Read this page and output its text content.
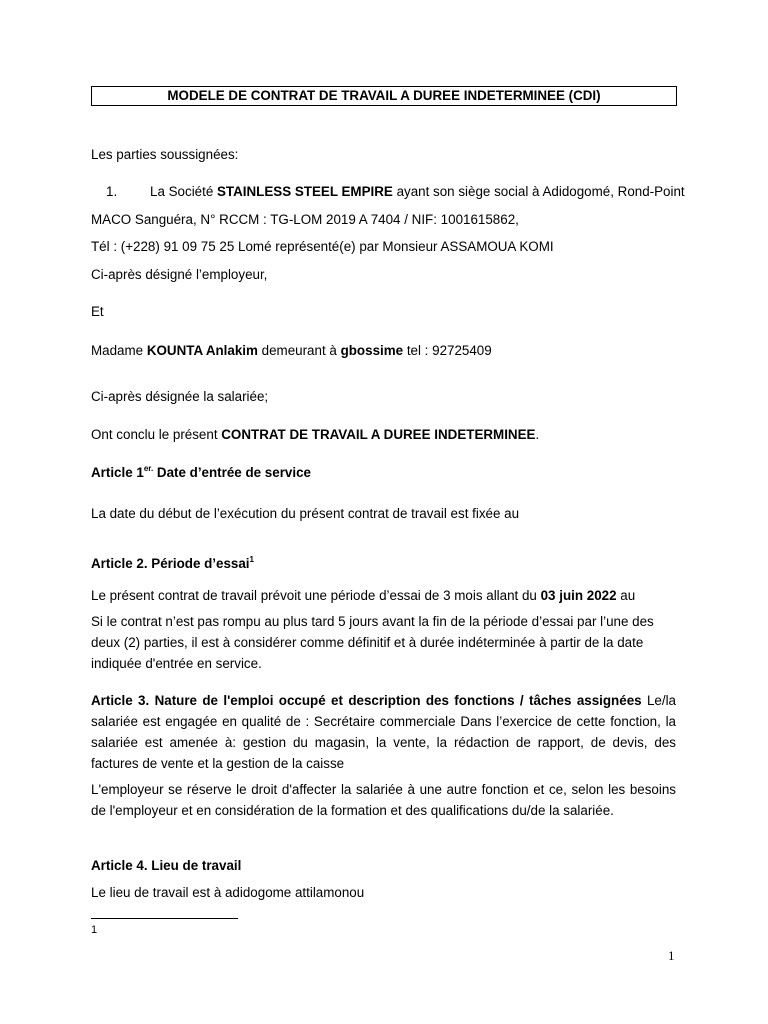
MODELE DE CONTRAT DE TRAVAIL A DUREE INDETERMINEE (CDI)
Les parties soussignées:
1. La Société STAINLESS STEEL EMPIRE ayant son siège social à Adidogomé, Rond-Point
MACO Sanguéra, N° RCCM : TG-LOM 2019 A 7404 / NIF: 1001615862,
Tél : (+228) 91 09 75 25 Lomé représenté(e) par Monsieur ASSAMOUA KOMI
Ci-après désigné l’employeur,
Et
Madame KOUNTA Anlakim demeurant à gbossime tel : 92725409
Ci-après désignée la salariée;
Ont conclu le présent CONTRAT DE TRAVAIL A DUREE INDETERMINEE.
Article $1^{er.}$ Date d’entrée de service
La date du début de l’exécution du présent contrat de travail est fixée au
Article 2. Période d’essai$^1$
Le présent contrat de travail prévoit une période d’essai de 3 mois allant du 03 juin 2022 au
Si le contrat n’est pas rompu au plus tard 5 jours avant la fin de la période d’essai par l’une des deux (2) parties, il est à considérer comme définitif et à durée indéterminée à partir de la date indiquée d'entrée en service.
Article 3. Nature de l'emploi occupé et description des fonctions / tâches assignées Le/la salariée est engagée en qualité de : Secrétaire commerciale Dans l’exercice de cette fonction, la salariée est amenée à: gestion du magasin, la vente, la rédaction de rapport, de devis, des factures de vente et la gestion de la caisse
L'employeur se réserve le droit d'affecter la salariée à une autre fonction et ce, selon les besoins de l'employeur et en considération de la formation et des qualifications du/de la salariée.
Article 4. Lieu de travail
Le lieu de travail est à adidogome attilamonou
1
1
